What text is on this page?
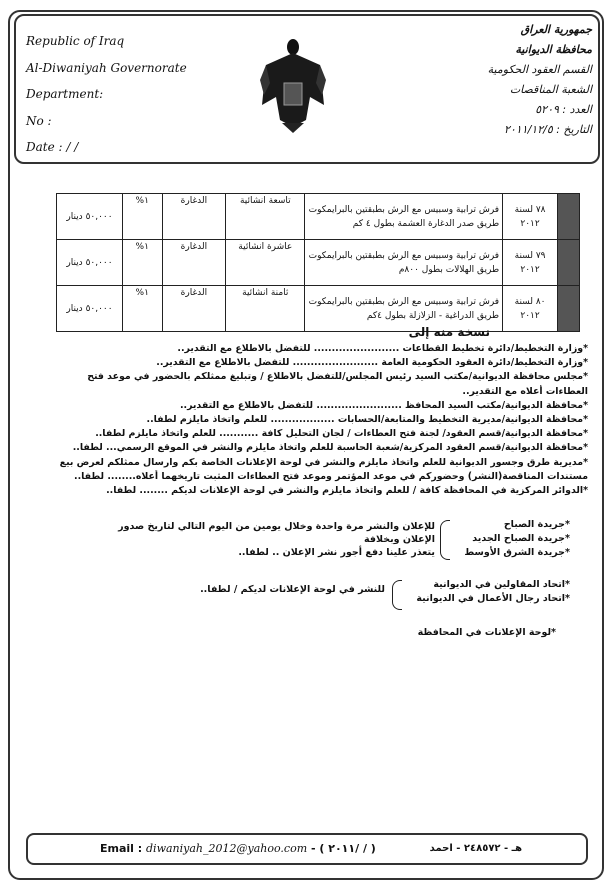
Republic of Iraq
Al-Diwaniyah Governorate
Department:
No :
Date : / /
جمهورية العراق
محافظة الديوانية
القسم العقود الحكومية
الشعبة المناقصات
العدد : ٥٢٠٩
التاريخ : ٢٠١١/١٢/٥
	٧٨ لسنة ٢٠١٢	فرش ترابية وسبيس مع الرش بطبقتين بالبرايمكوت طريق صدر الدغارة العشمة بطول ٤ كم	تاسعة انشائية	الدغارة	١%	٥٠,٠٠٠ دينار
	٧٩ لسنة ٢٠١٢	فرش ترابية وسبيس مع الرش بطبقتين بالبرايمكوت طريق الهلالات بطول ٨٠٠م	عاشرة انشائية	الدغارة	١%	٥٠,٠٠٠ دينار
	٨٠ لسنة ٢٠١٢	فرش ترابية وسبيس مع الرش بطبقتين بالبرايمكوت طريق الدراغية - الزلازلة بطول ٤كم	ثامنة انشائية	الدغارة	١%	٥٠,٠٠٠ دينار
نسخة منه إلى
*وزارة التخطيط/دائرة تخطيط القطاعات ........................ للتفضل بالاطلاع مع التقدير..
*وزارة التخطيط/دائرة العقود الحكومية العامة ........................ للتفضل بالاطلاع مع التقدير..
*مجلس محافظة الديوانية/مكتب السيد رئيس المجلس/للتفضل بالاطلاع / وتبليغ ممثلكم بالحضور في موعد فتح
العطاءات أعلاه مع التقدير..
*محافظة الديوانية/مكتب السيد المحافظ ........................ للتفضل بالاطلاع مع التقدير..
*محافظة الديوانية/مديرية التخطيط والمتابعة/الحسابات .................. للعلم واتخاذ مايلزم لطفا..
*محافظة الديوانية/قسم العقود/ لجنة فتح العطاءات / لجان التحليل كافة ........... للعلم واتخاذ مايلزم لطفا..
*محافظة الديوانية/قسم العقود المركزية/شعبة الحاسبة للعلم واتخاذ مايلزم والنشر في الموقع الرسمي... لطفا..
*مديرية طرق وجسور الديوانية للعلم واتخاذ مايلزم والنشر في لوحة الإعلانات الخاصة بكم وارسال ممثلكم لعرض بيع
مستندات المناقصة(النشر) وحضوركم في موعد المؤتمر وموعد فتح العطاءات المثبت تاريخهما أعلاه........ لطفا..
*الدوائر المركزية في المحافظة كافة / للعلم واتخاذ مايلزم والنشر في لوحة الإعلانات لديكم ........ لطفا..
*جريدة الصباح
*جريدة الصباح الجديد
*جريدة الشرق الأوسط
للإعلان والنشر مرة واحدة وخلال يومين من اليوم التالي لتاريخ صدور الإعلان وبخلافة
يتعذر علينا دفع أجور نشر الإعلان .. لطفا..
*اتحاد المقاولين في الديوانية
*اتحاد رجال الأعمال في الديوانية
للنشر في لوحة الإعلانات لديكم / لطفا..
*لوحة الإعلانات في المحافظة
Email : diwaniyah_2012@yahoo.com - ( ٢٠١١/ / )	هـ - ٢٤٨٥٧٢ - احمد
